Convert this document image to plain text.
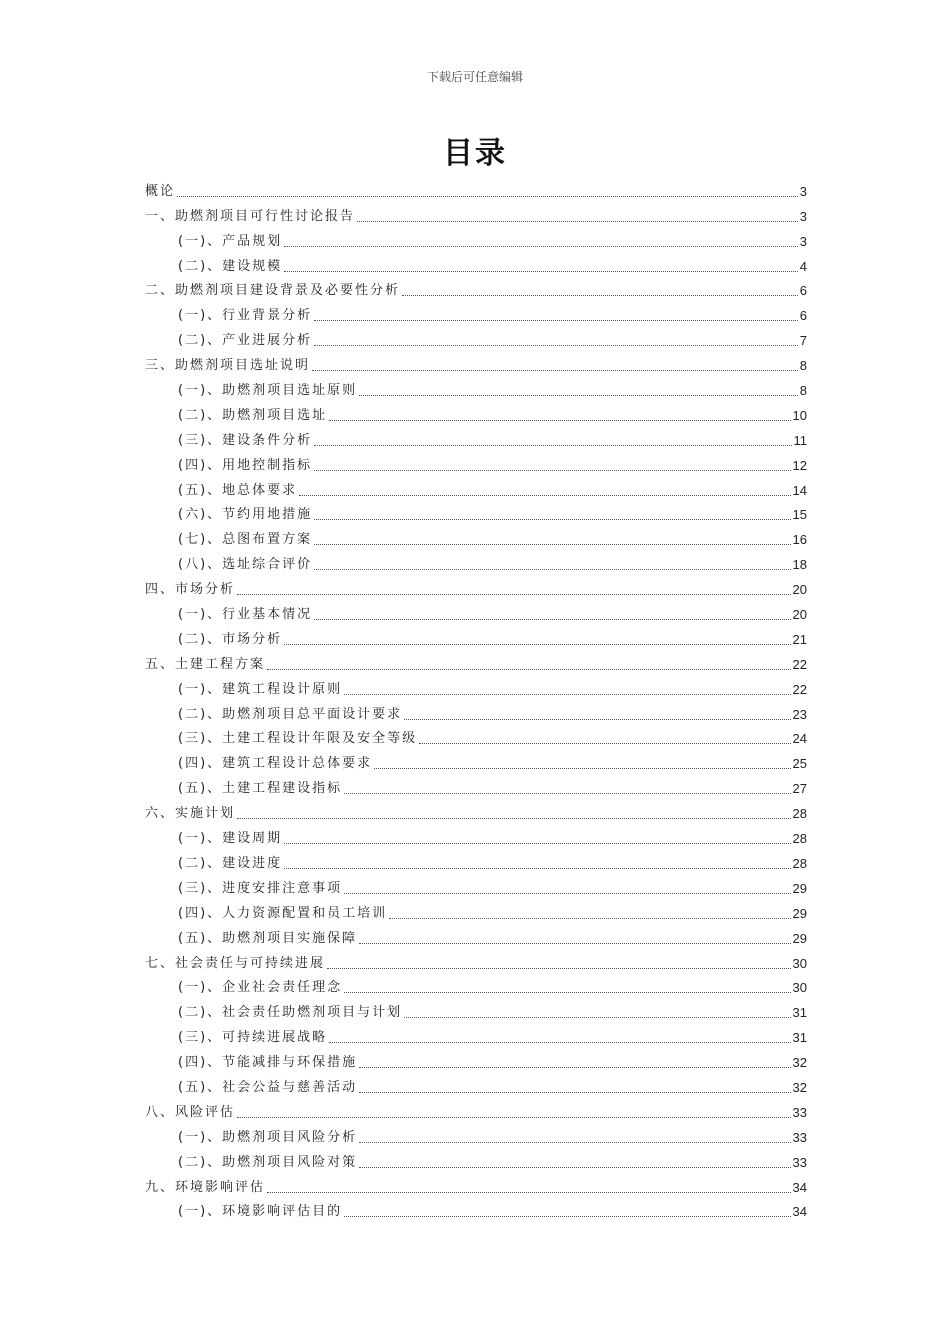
下载后可任意编辑
目录
概论	3
一、助燃剂项目可行性讨论报告	3
(一)、产品规划	3
(二)、建设规模	4
二、助燃剂项目建设背景及必要性分析	6
(一)、行业背景分析	6
(二)、产业进展分析	7
三、助燃剂项目选址说明	8
(一)、助燃剂项目选址原则	8
(二)、助燃剂项目选址	10
(三)、建设条件分析	11
(四)、用地控制指标	12
(五)、地总体要求	14
(六)、节约用地措施	15
(七)、总图布置方案	16
(八)、选址综合评价	18
四、市场分析	20
(一)、行业基本情况	20
(二)、市场分析	21
五、土建工程方案	22
(一)、建筑工程设计原则	22
(二)、助燃剂项目总平面设计要求	23
(三)、土建工程设计年限及安全等级	24
(四)、建筑工程设计总体要求	25
(五)、土建工程建设指标	27
六、实施计划	28
(一)、建设周期	28
(二)、建设进度	28
(三)、进度安排注意事项	29
(四)、人力资源配置和员工培训	29
(五)、助燃剂项目实施保障	29
七、社会责任与可持续进展	30
(一)、企业社会责任理念	30
(二)、社会责任助燃剂项目与计划	31
(三)、可持续进展战略	31
(四)、节能减排与环保措施	32
(五)、社会公益与慈善活动	32
八、风险评估	33
(一)、助燃剂项目风险分析	33
(二)、助燃剂项目风险对策	33
九、环境影响评估	34
(一)、环境影响评估目的	34
